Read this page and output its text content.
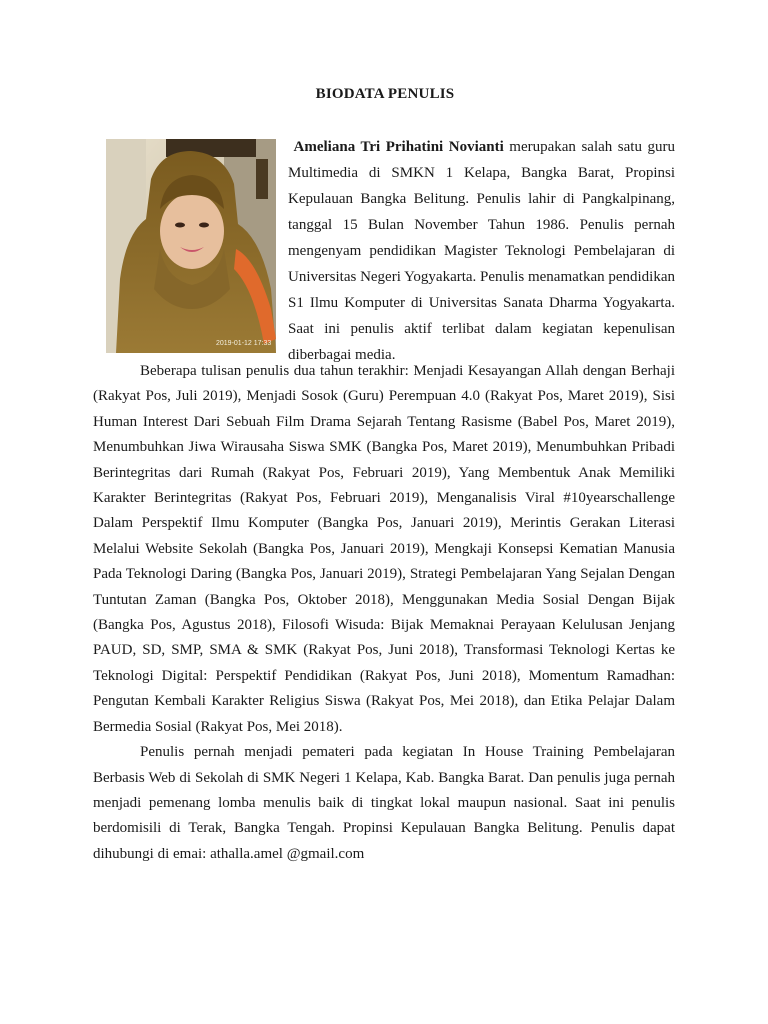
BIODATA PENULIS
2019-01-12 17:33
Ameliana Tri Prihatini Novianti merupakan salah satu guru Multimedia di SMKN 1 Kelapa, Bangka Barat, Propinsi Kepulauan Bangka Belitung. Penulis lahir di Pangkalpinang, tanggal 15 Bulan November Tahun 1986. Penulis pernah mengenyam pendidikan Magister Teknologi Pembelajaran di Universitas Negeri Yogyakarta. Penulis menamatkan pendidikan S1 Ilmu Komputer di Universitas Sanata Dharma Yogyakarta. Saat ini penulis aktif terlibat dalam kegiatan kepenulisan diberbagai media.

Beberapa tulisan penulis dua tahun terakhir: Menjadi Kesayangan Allah dengan Berhaji (Rakyat Pos, Juli 2019), Menjadi Sosok (Guru) Perempuan 4.0 (Rakyat Pos, Maret 2019), Sisi Human Interest Dari Sebuah Film Drama Sejarah Tentang Rasisme (Babel Pos, Maret 2019), Menumbuhkan Jiwa Wirausaha Siswa SMK (Bangka Pos, Maret 2019), Menumbuhkan Pribadi Berintegritas dari Rumah (Rakyat Pos, Februari 2019), Yang Membentuk Anak Memiliki Karakter Berintegritas (Rakyat Pos, Februari 2019), Menganalisis Viral #10yearschallenge Dalam Perspektif Ilmu Komputer (Bangka Pos, Januari 2019), Merintis Gerakan Literasi Melalui Website Sekolah (Bangka Pos, Januari 2019), Mengkaji Konsepsi Kematian Manusia Pada Teknologi Daring (Bangka Pos, Januari 2019), Strategi Pembelajaran Yang Sejalan Dengan Tuntutan Zaman (Bangka Pos, Oktober 2018), Menggunakan Media Sosial Dengan Bijak (Bangka Pos, Agustus 2018), Filosofi Wisuda: Bijak Memaknai Perayaan Kelulusan Jenjang PAUD, SD, SMP, SMA & SMK (Rakyat Pos, Juni 2018), Transformasi Teknologi Kertas ke Teknologi Digital: Perspektif Pendidikan (Rakyat Pos, Juni 2018), Momentum Ramadhan: Pengutan Kembali Karakter Religius Siswa (Rakyat Pos, Mei 2018), dan Etika Pelajar Dalam Bermedia Sosial (Rakyat Pos, Mei 2018).

Penulis pernah menjadi pemateri pada kegiatan In House Training Pembelajaran Berbasis Web di Sekolah di SMK Negeri 1 Kelapa, Kab. Bangka Barat. Dan penulis juga pernah menjadi pemenang lomba menulis baik di tingkat lokal maupun nasional. Saat ini penulis berdomisili di Terak, Bangka Tengah. Propinsi Kepulauan Bangka Belitung. Penulis dapat dihubungi di emai: athalla.amel @gmail.com
